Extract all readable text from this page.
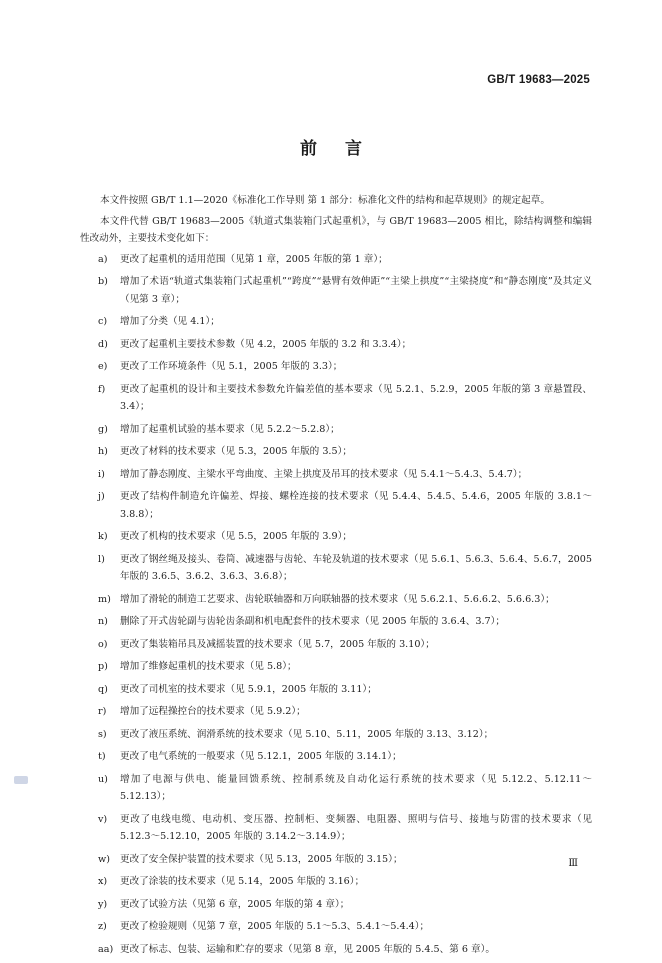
GB/T 19683—2025
前言

本文件按照 GB/T 1.1—2020《标准化工作导则 第 1 部分：标准化文件的结构和起草规则》的规定起草。

本文件代替 GB/T 19683—2005《轨道式集装箱门式起重机》，与 GB/T 19683—2005 相比，除结构调整和编辑性改动外，主要技术变化如下：

a)	更改了起重机的适用范围（见第 1 章，2005 年版的第 1 章）；
b)	增加了术语“轨道式集装箱门式起重机”“跨度”“悬臂有效伸距”“主梁上拱度”“主梁挠度”和“静态刚度”及其定义（见第 3 章）；
c)	增加了分类（见 4.1）；
d)	更改了起重机主要技术参数（见 4.2，2005 年版的 3.2 和 3.3.4）；
e)	更改了工作环境条件（见 5.1，2005 年版的 3.3）；
f)	更改了起重机的设计和主要技术参数允许偏差值的基本要求（见 5.2.1、5.2.9，2005 年版的第 3 章悬置段、3.4）；
g)	增加了起重机试验的基本要求（见 5.2.2～5.2.8）；
h)	更改了材料的技术要求（见 5.3，2005 年版的 3.5）；
i)	增加了静态刚度、主梁水平弯曲度、主梁上拱度及吊耳的技术要求（见 5.4.1～5.4.3、5.4.7）；
j)	更改了结构件制造允许偏差、焊接、螺栓连接的技术要求（见 5.4.4、5.4.5、5.4.6，2005 年版的 3.8.1～3.8.8）；
k)	更改了机构的技术要求（见 5.5，2005 年版的 3.9）；
l)	更改了钢丝绳及接头、卷筒、减速器与齿轮、车轮及轨道的技术要求（见 5.6.1、5.6.3、5.6.4、5.6.7，2005 年版的 3.6.5、3.6.2、3.6.3、3.6.8）；
m) 增加了滑轮的制造工艺要求、齿轮联轴器和万向联轴器的技术要求（见 5.6.2.1、5.6.6.2、5.6.6.3）；
n)	删除了开式齿轮副与齿轮齿条副和机电配套件的技术要求（见 2005 年版的 3.6.4、3.7）；
o)	更改了集装箱吊具及减摇装置的技术要求（见 5.7，2005 年版的 3.10）；
p)	增加了维修起重机的技术要求（见 5.8）；
q)	更改了司机室的技术要求（见 5.9.1，2005 年版的 3.11）；
r)	增加了远程操控台的技术要求（见 5.9.2）；
s)	更改了液压系统、润滑系统的技术要求（见 5.10、5.11，2005 年版的 3.13、3.12）；
t)	更改了电气系统的一般要求（见 5.12.1，2005 年版的 3.14.1）；
u)	增加了电源与供电、能量回馈系统、控制系统及自动化运行系统的技术要求（见 5.12.2、5.12.11～5.12.13）；
v)	更改了电线电缆、电动机、变压器、控制柜、变频器、电阻器、照明与信号、接地与防雷的技术要求（见 5.12.3～5.12.10，2005 年版的 3.14.2～3.14.9）；
w)	更改了安全保护装置的技术要求（见 5.13，2005 年版的 3.15）；
x)	更改了涂装的技术要求（见 5.14，2005 年版的 3.16）；
y)	更改了试验方法（见第 6 章，2005 年版的第 4 章）；
z)	更改了检验规则（见第 7 章，2005 年版的 5.1～5.3、5.4.1～5.4.4）；
aa) 更改了标志、包装、运输和贮存的要求（见第 8 章，见 2005 年版的 5.4.5、第 6 章）。
Ⅲ
